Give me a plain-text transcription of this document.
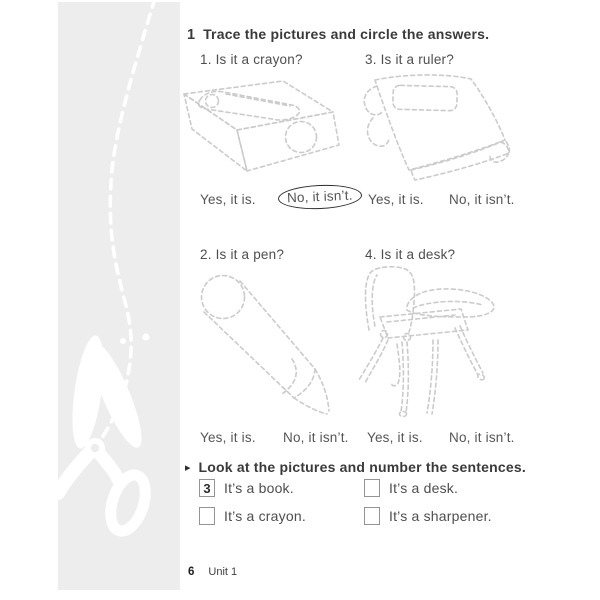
1 Trace the pictures and circle the answers.
1. Is it a crayon?	3. Is it a ruler?
2. Is it a pen?	4. Is it a desk?
Yes, it is.	No, it isn’t.	Yes, it is. No, it isn’t.
Yes, it is. No, it isn’t. Yes, it is. No, it isn’t.
▸ Look at the pictures and number the sentences.
3 It’s a book.	It’s a desk.
It’s a crayon.	It’s a sharpener.
6 Unit 1
